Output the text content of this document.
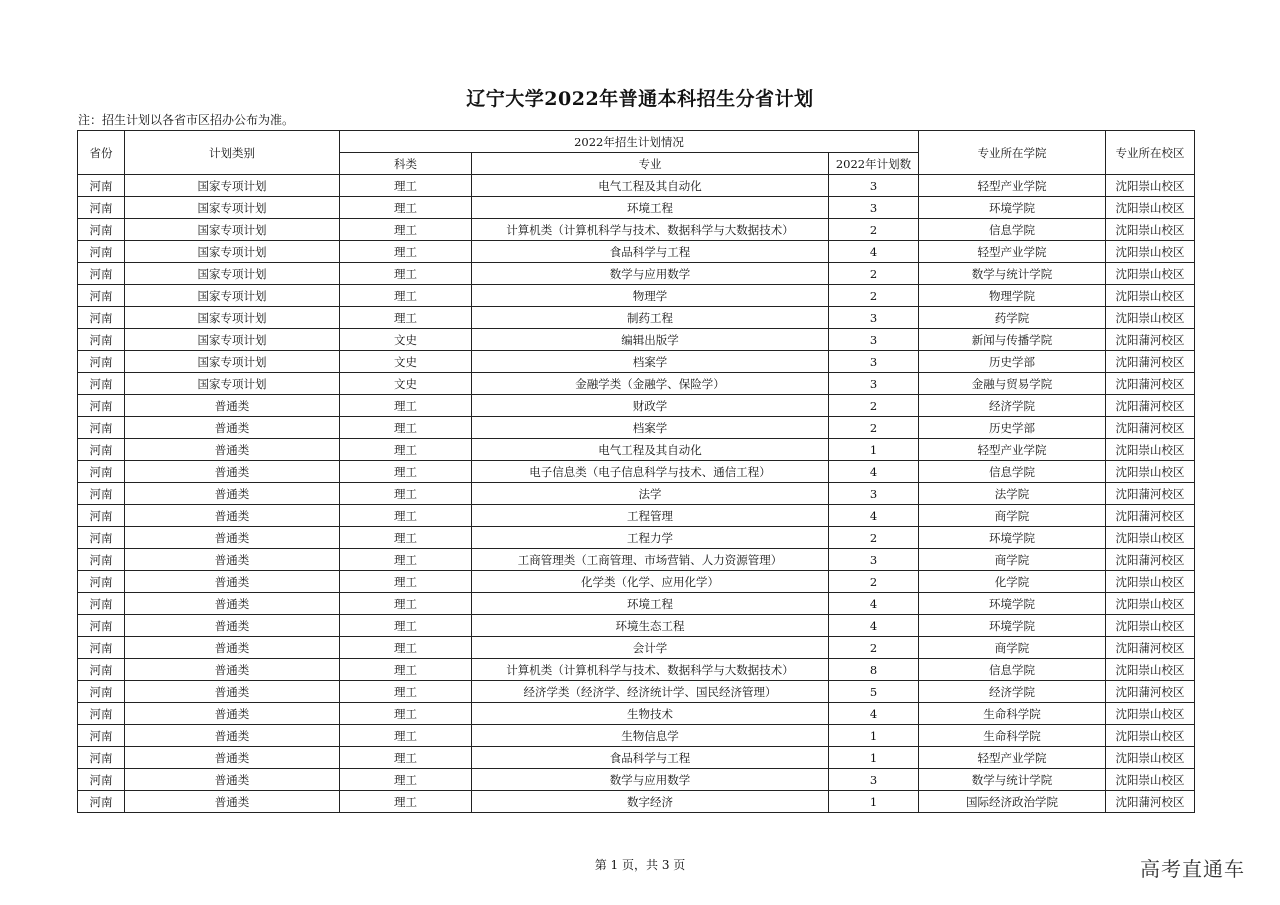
辽宁大学2022年普通本科招生分省计划
注：招生计划以各省市区招办公布为准。
省份	计划类别	2022年招生计划情况			专业所在学院	专业所在校区
		科类	专业	2022年计划数		
河南	国家专项计划	理工	电气工程及其自动化	3	轻型产业学院	沈阳崇山校区
河南	国家专项计划	理工	环境工程	3	环境学院	沈阳崇山校区
河南	国家专项计划	理工	计算机类（计算机科学与技术、数据科学与大数据技术）	2	信息学院	沈阳崇山校区
河南	国家专项计划	理工	食品科学与工程	4	轻型产业学院	沈阳崇山校区
河南	国家专项计划	理工	数学与应用数学	2	数学与统计学院	沈阳崇山校区
河南	国家专项计划	理工	物理学	2	物理学院	沈阳崇山校区
河南	国家专项计划	理工	制药工程	3	药学院	沈阳崇山校区
河南	国家专项计划	文史	编辑出版学	3	新闻与传播学院	沈阳蒲河校区
河南	国家专项计划	文史	档案学	3	历史学部	沈阳蒲河校区
河南	国家专项计划	文史	金融学类（金融学、保险学）	3	金融与贸易学院	沈阳蒲河校区
河南	普通类	理工	财政学	2	经济学院	沈阳蒲河校区
河南	普通类	理工	档案学	2	历史学部	沈阳蒲河校区
河南	普通类	理工	电气工程及其自动化	1	轻型产业学院	沈阳崇山校区
河南	普通类	理工	电子信息类（电子信息科学与技术、通信工程）	4	信息学院	沈阳崇山校区
河南	普通类	理工	法学	3	法学院	沈阳蒲河校区
河南	普通类	理工	工程管理	4	商学院	沈阳蒲河校区
河南	普通类	理工	工程力学	2	环境学院	沈阳崇山校区
河南	普通类	理工	工商管理类（工商管理、市场营销、人力资源管理）	3	商学院	沈阳蒲河校区
河南	普通类	理工	化学类（化学、应用化学）	2	化学院	沈阳崇山校区
河南	普通类	理工	环境工程	4	环境学院	沈阳崇山校区
河南	普通类	理工	环境生态工程	4	环境学院	沈阳崇山校区
河南	普通类	理工	会计学	2	商学院	沈阳蒲河校区
河南	普通类	理工	计算机类（计算机科学与技术、数据科学与大数据技术）	8	信息学院	沈阳崇山校区
河南	普通类	理工	经济学类（经济学、经济统计学、国民经济管理）	5	经济学院	沈阳蒲河校区
河南	普通类	理工	生物技术	4	生命科学院	沈阳崇山校区
河南	普通类	理工	生物信息学	1	生命科学院	沈阳崇山校区
河南	普通类	理工	食品科学与工程	1	轻型产业学院	沈阳崇山校区
河南	普通类	理工	数学与应用数学	3	数学与统计学院	沈阳崇山校区
河南	普通类	理工	数字经济	1	国际经济政治学院	沈阳蒲河校区
第 1 页，共 3 页	高考直通车
